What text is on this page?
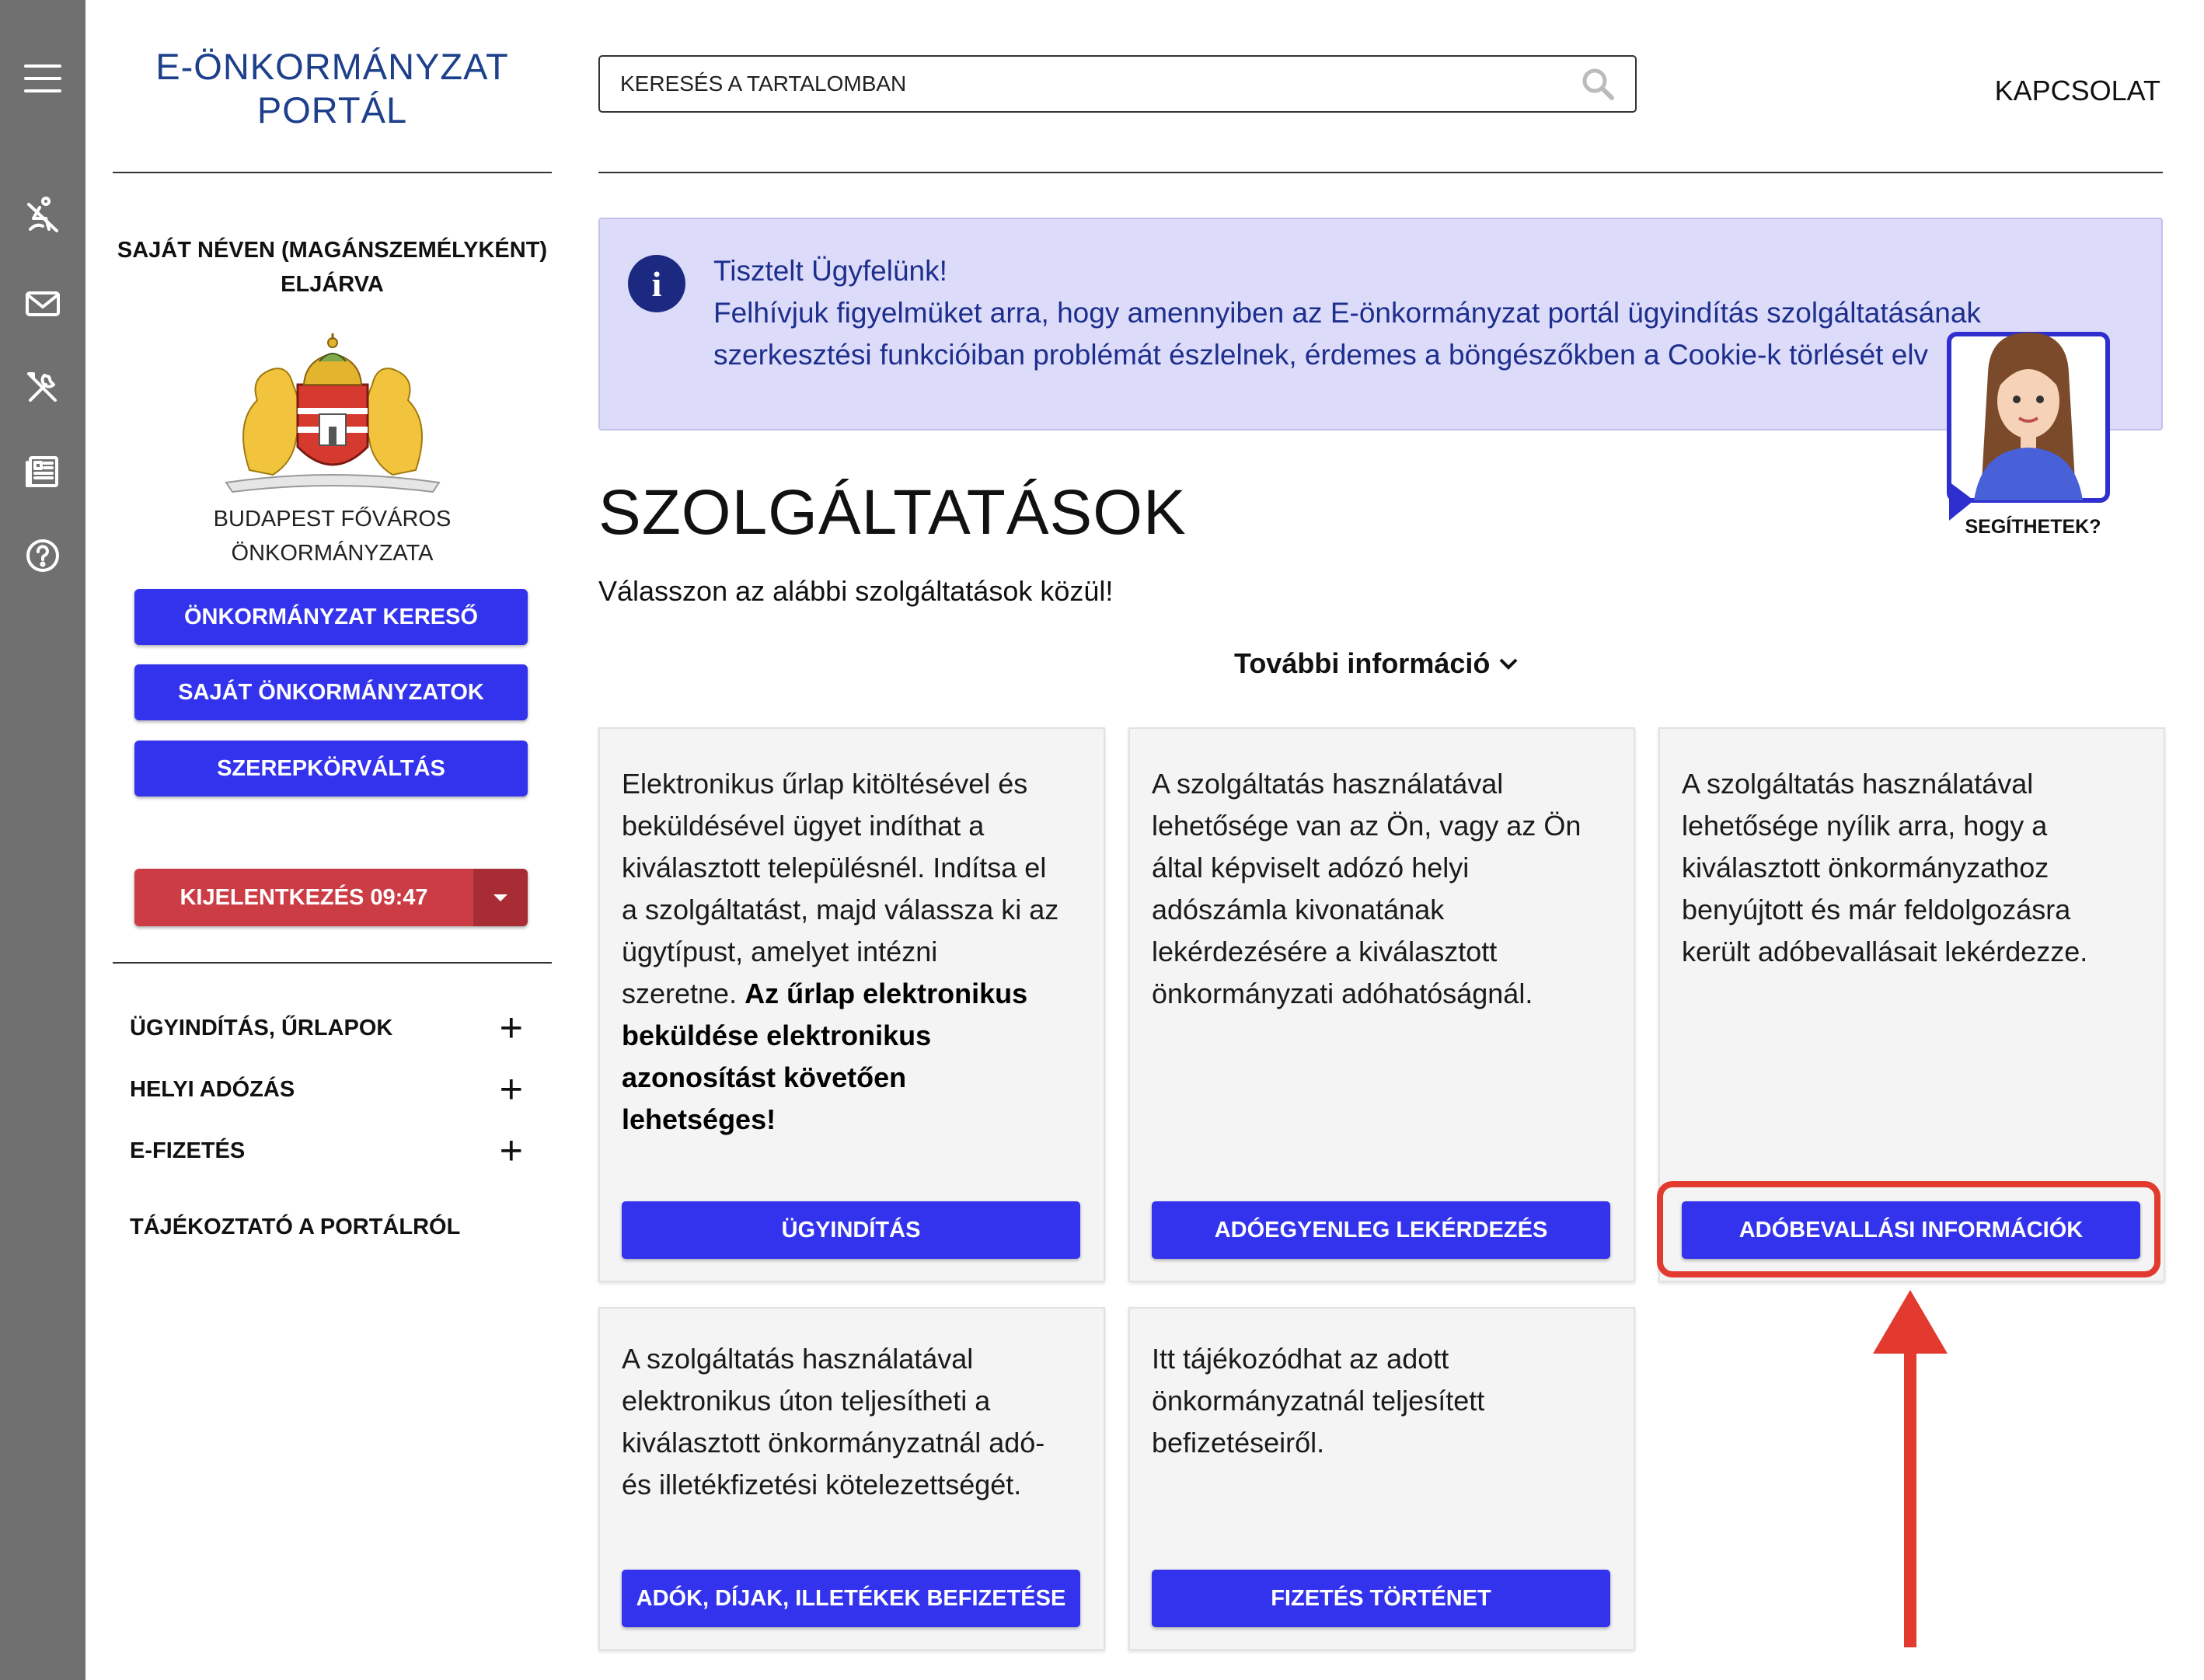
E-ÖNKORMÁNYZAT
PORTÁL
SAJÁT NÉVEN (MAGÁNSZEMÉLYKÉNT)
ELJÁRVA
BUDAPEST FŐVÁROS
ÖNKORMÁNYZATA
ÖNKORMÁNYZAT KERESŐ
SAJÁT ÖNKORMÁNYZATOK
SZEREPKÖRVÁLTÁS
KIJELENTKEZÉS 09:47
ÜGYINDÍTÁS, ŰRLAPOK	+
HELYI ADÓZÁS	+
E-FIZETÉS	+
TÁJÉKOZTATÓ A PORTÁLRÓL
KERESÉS A TARTALOMBAN
KAPCSOLAT
i	Tisztelt Ügyfelünk!
Felhívjuk figyelmüket arra, hogy amennyiben az E-önkormányzat portál ügyindítás szolgáltatásának
szerkesztési funkcióiban problémát észlelnek, érdemes a böngészőkben a Cookie-k törlését elv
SEGÍTHETEK?
SZOLGÁLTATÁSOK
Válasszon az alábbi szolgáltatások közül!
További információ
Elektronikus űrlap kitöltésével és
beküldésével ügyet indíthat a
kiválasztott településnél. Indítsa el
a szolgáltatást, majd válassza ki az
ügytípust, amelyet intézni
szeretne. Az űrlap elektronikus
beküldése elektronikus
azonosítást követően
lehetséges!
ÜGYINDÍTÁS
A szolgáltatás használatával
lehetősége van az Ön, vagy az Ön
által képviselt adózó helyi
adószámla kivonatának
lekérdezésére a kiválasztott
önkormányzati adóhatóságnál.
ADÓEGYENLEG LEKÉRDEZÉS
A szolgáltatás használatával
lehetősége nyílik arra, hogy a
kiválasztott önkormányzathoz
benyújtott és már feldolgozásra
került adóbevallásait lekérdezze.
ADÓBEVALLÁSI INFORMÁCIÓK
A szolgáltatás használatával
elektronikus úton teljesítheti a
kiválasztott önkormányzatnál adó-
és illetékfizetési kötelezettségét.
ADÓK, DÍJAK, ILLETÉKEK BEFIZETÉSE
Itt tájékozódhat az adott
önkormányzatnál teljesített
befizetéseiről.
FIZETÉS TÖRTÉNET
